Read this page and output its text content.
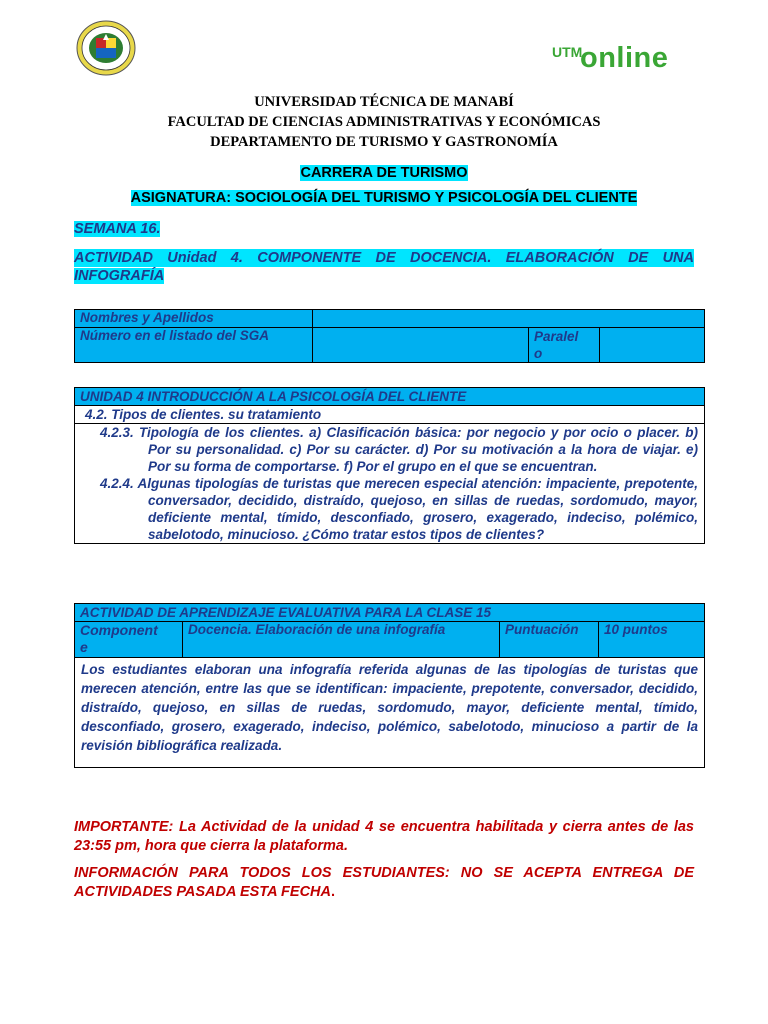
UTM
online
UNIVERSIDAD TÉCNICA DE MANABÍ
FACULTAD DE CIENCIAS ADMINISTRATIVAS Y ECONÓMICAS
DEPARTAMENTO DE TURISMO Y GASTRONOMÍA
CARRERA DE TURISMO
ASIGNATURA: SOCIOLOGÍA DEL TURISMO Y PSICOLOGÍA DEL CLIENTE
SEMANA 16.
ACTIVIDAD Unidad 4. COMPONENTE DE DOCENCIA. ELABORACIÓN DE UNA
INFOGRAFÍA
Nombres y Apellidos			
Número en el listado del SGA		Paralel
o	

UNIDAD 4 INTRODUCCIÓN A LA PSICOLOGÍA DEL CLIENTE
4.2. Tipos de clientes. su tratamiento

4.2.3. Tipología de los clientes. a) Clasificación básica: por negocio y por ocio o placer. b) Por su personalidad. c) Por su carácter. d) Por su motivación a la hora de viajar. e) Por su forma de comportarse. f) Por el grupo en el que se encuentran.
4.2.4. Algunas tipologías de turistas que merecen especial atención: impaciente, prepotente, conversador, decidido, distraído, quejoso, en sillas de ruedas, sordomudo, mayor, deficiente mental, tímido, desconfiado, grosero, exagerado, indeciso, polémico, sabelotodo, minucioso. ¿Cómo tratar estos tipos de clientes?
ACTIVIDAD DE APRENDIZAJE EVALUATIVA PARA LA CLASE 15

Component
e
	Docencia. Elaboración de una infografía	Puntuación	10 puntos

Los estudiantes elaboran una infografía referida algunas de las tipologías de turistas que merecen atención, entre las que se identifican: impaciente, prepotente, conversador, decidido, distraído, quejoso, en sillas de ruedas, sordomudo, mayor, deficiente mental, tímido, desconfiado, grosero, exagerado, indeciso, polémico, sabelotodo, minucioso a partir de la revisión bibliográfica realizada.
IMPORTANTE: La Actividad de la unidad 4 se encuentra habilitada y cierra antes de las 23:55 pm, hora que cierra la plataforma.
INFORMACIÓN PARA TODOS LOS ESTUDIANTES: NO SE ACEPTA ENTREGA DE ACTIVIDADES PASADA ESTA FECHA.
